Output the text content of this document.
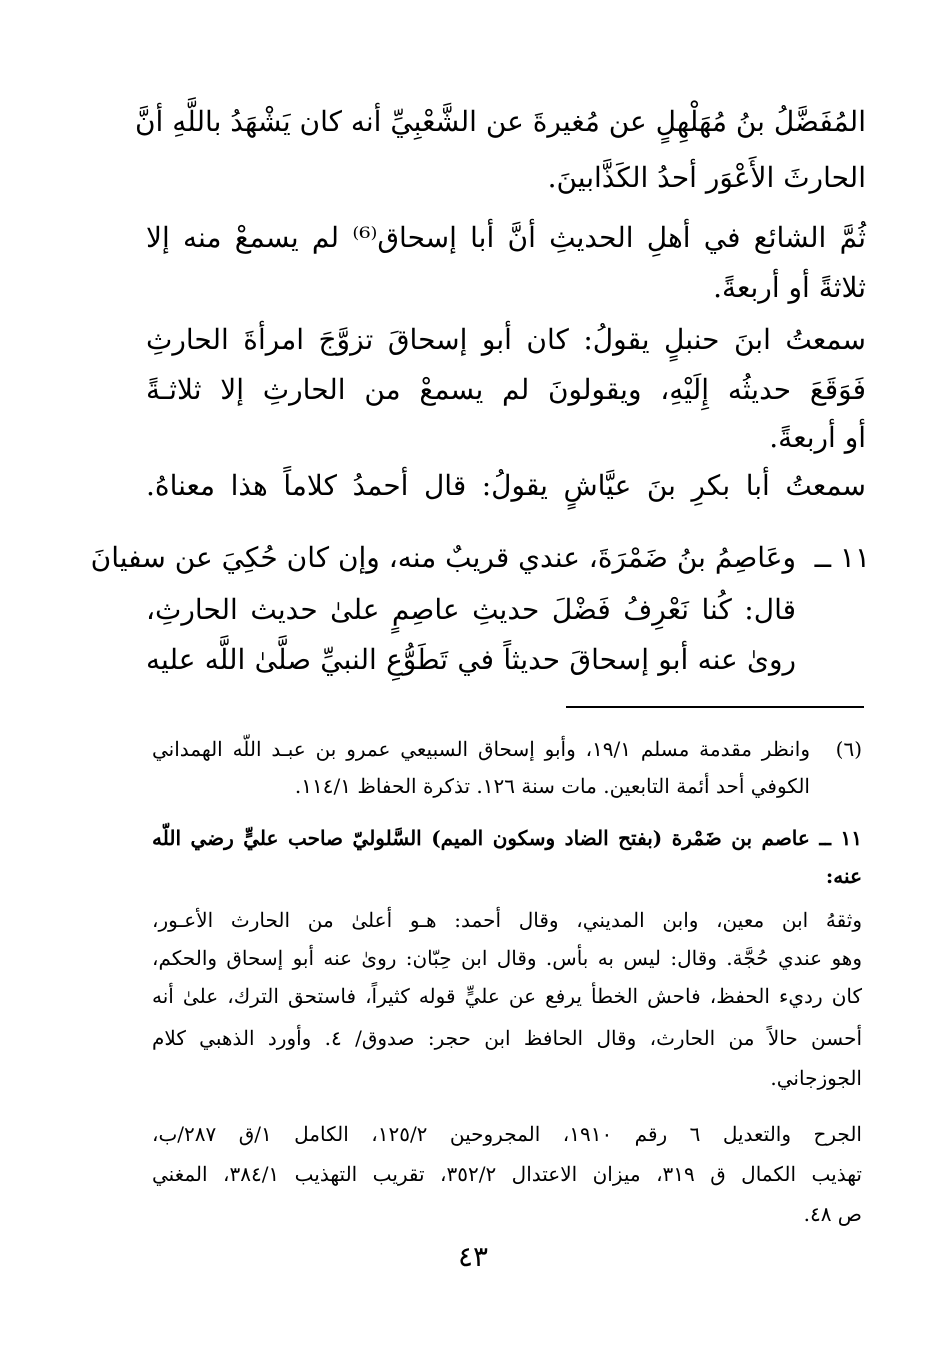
المُفَضَّلُ بنُ مُهَلْهِلٍ عن مُغيرةَ عن الشَّعْبِيِّ أنه كان يَشْهَدُ باللَّهِ أنَّ
الحارثَ الأَعْوَر أحدُ الكَذَّابينَ.
ثُمَّ الشائع في أهلِ الحديثِ أنَّ أبا إسحاق⁽⁶⁾ لم يسمعْ منه إلا
ثلاثةً أو أربعةً.
سمعتُ ابنَ حنبلٍ يقولُ: كان أبو إسحاقَ تزوَّجَ امرأةَ الحارثِ
فَوَقَعَ حديثُه إِلَيْهِ، ويقولونَ لم يسمعْ من الحارثِ إلا ثلاثـةً
أو أربعةً.
سمعتُ أبا بكرِ بنَ عيَّاشٍ يقولُ: قال أحمدُ كلاماً هذا معناهُ.
١١ ــ
وعَاصِمُ بنُ ضَمْرَةَ، عندي قريبٌ منه، وإن كان حُكِيَ عن سفيانَ
قال: كُنا نَعْرِفُ فَضْلَ حديثِ عاصِمٍ علىٰ حديث الحارثِ،
روىٰ عنه أبو إسحاقَ حديثاً في تَطَوُّعِ النبيِّ صلَّىٰ اللَّه عليه
(٦)
وانظر مقدمة مسلم ١٩/١، وأبو إسحاق السبيعي عمرو بن عبـد اللّه الهمداني
الكوفي أحد أئمة التابعين. مات سنة ١٢٦. تذكرة الحفاظ ١١٤/١.
١١ ــ عاصم بن ضَمْرة (بفتح الضاد وسكون الميم) السَّلوليّ صاحب عليٍّ رضي اللّه
عنه:
وثقهُ ابن معين، وابن المديني، وقال أحمد: هـو أعلىٰ من الحارث الأعـور،
وهو عندي حُجَّة. وقال: ليس به بأس. وقال ابن حِبّان: روىٰ عنه أبو إسحاق والحكم،
كان رديء الحفظ، فاحش الخطأ يرفع عن عليٍّ قوله كثيراً، فاستحق الترك، علىٰ أنه
أحسن حالاً من الحارث، وقال الحافظ ابن حجر: صدوق/ ٤. وأورد الذهبي كلام
الجوزجاني.
الجرح والتعديل ٦ رقم ١٩١٠، المجروحين ١٢٥/٢، الكامل ١/ق ٢٨٧/ب،
تهذيب الكمال ق ٣١٩، ميزان الاعتدال ٣٥٢/٢، تقريب التهذيب ٣٨٤/١، المغني
ص ٤٨.
٤٣
